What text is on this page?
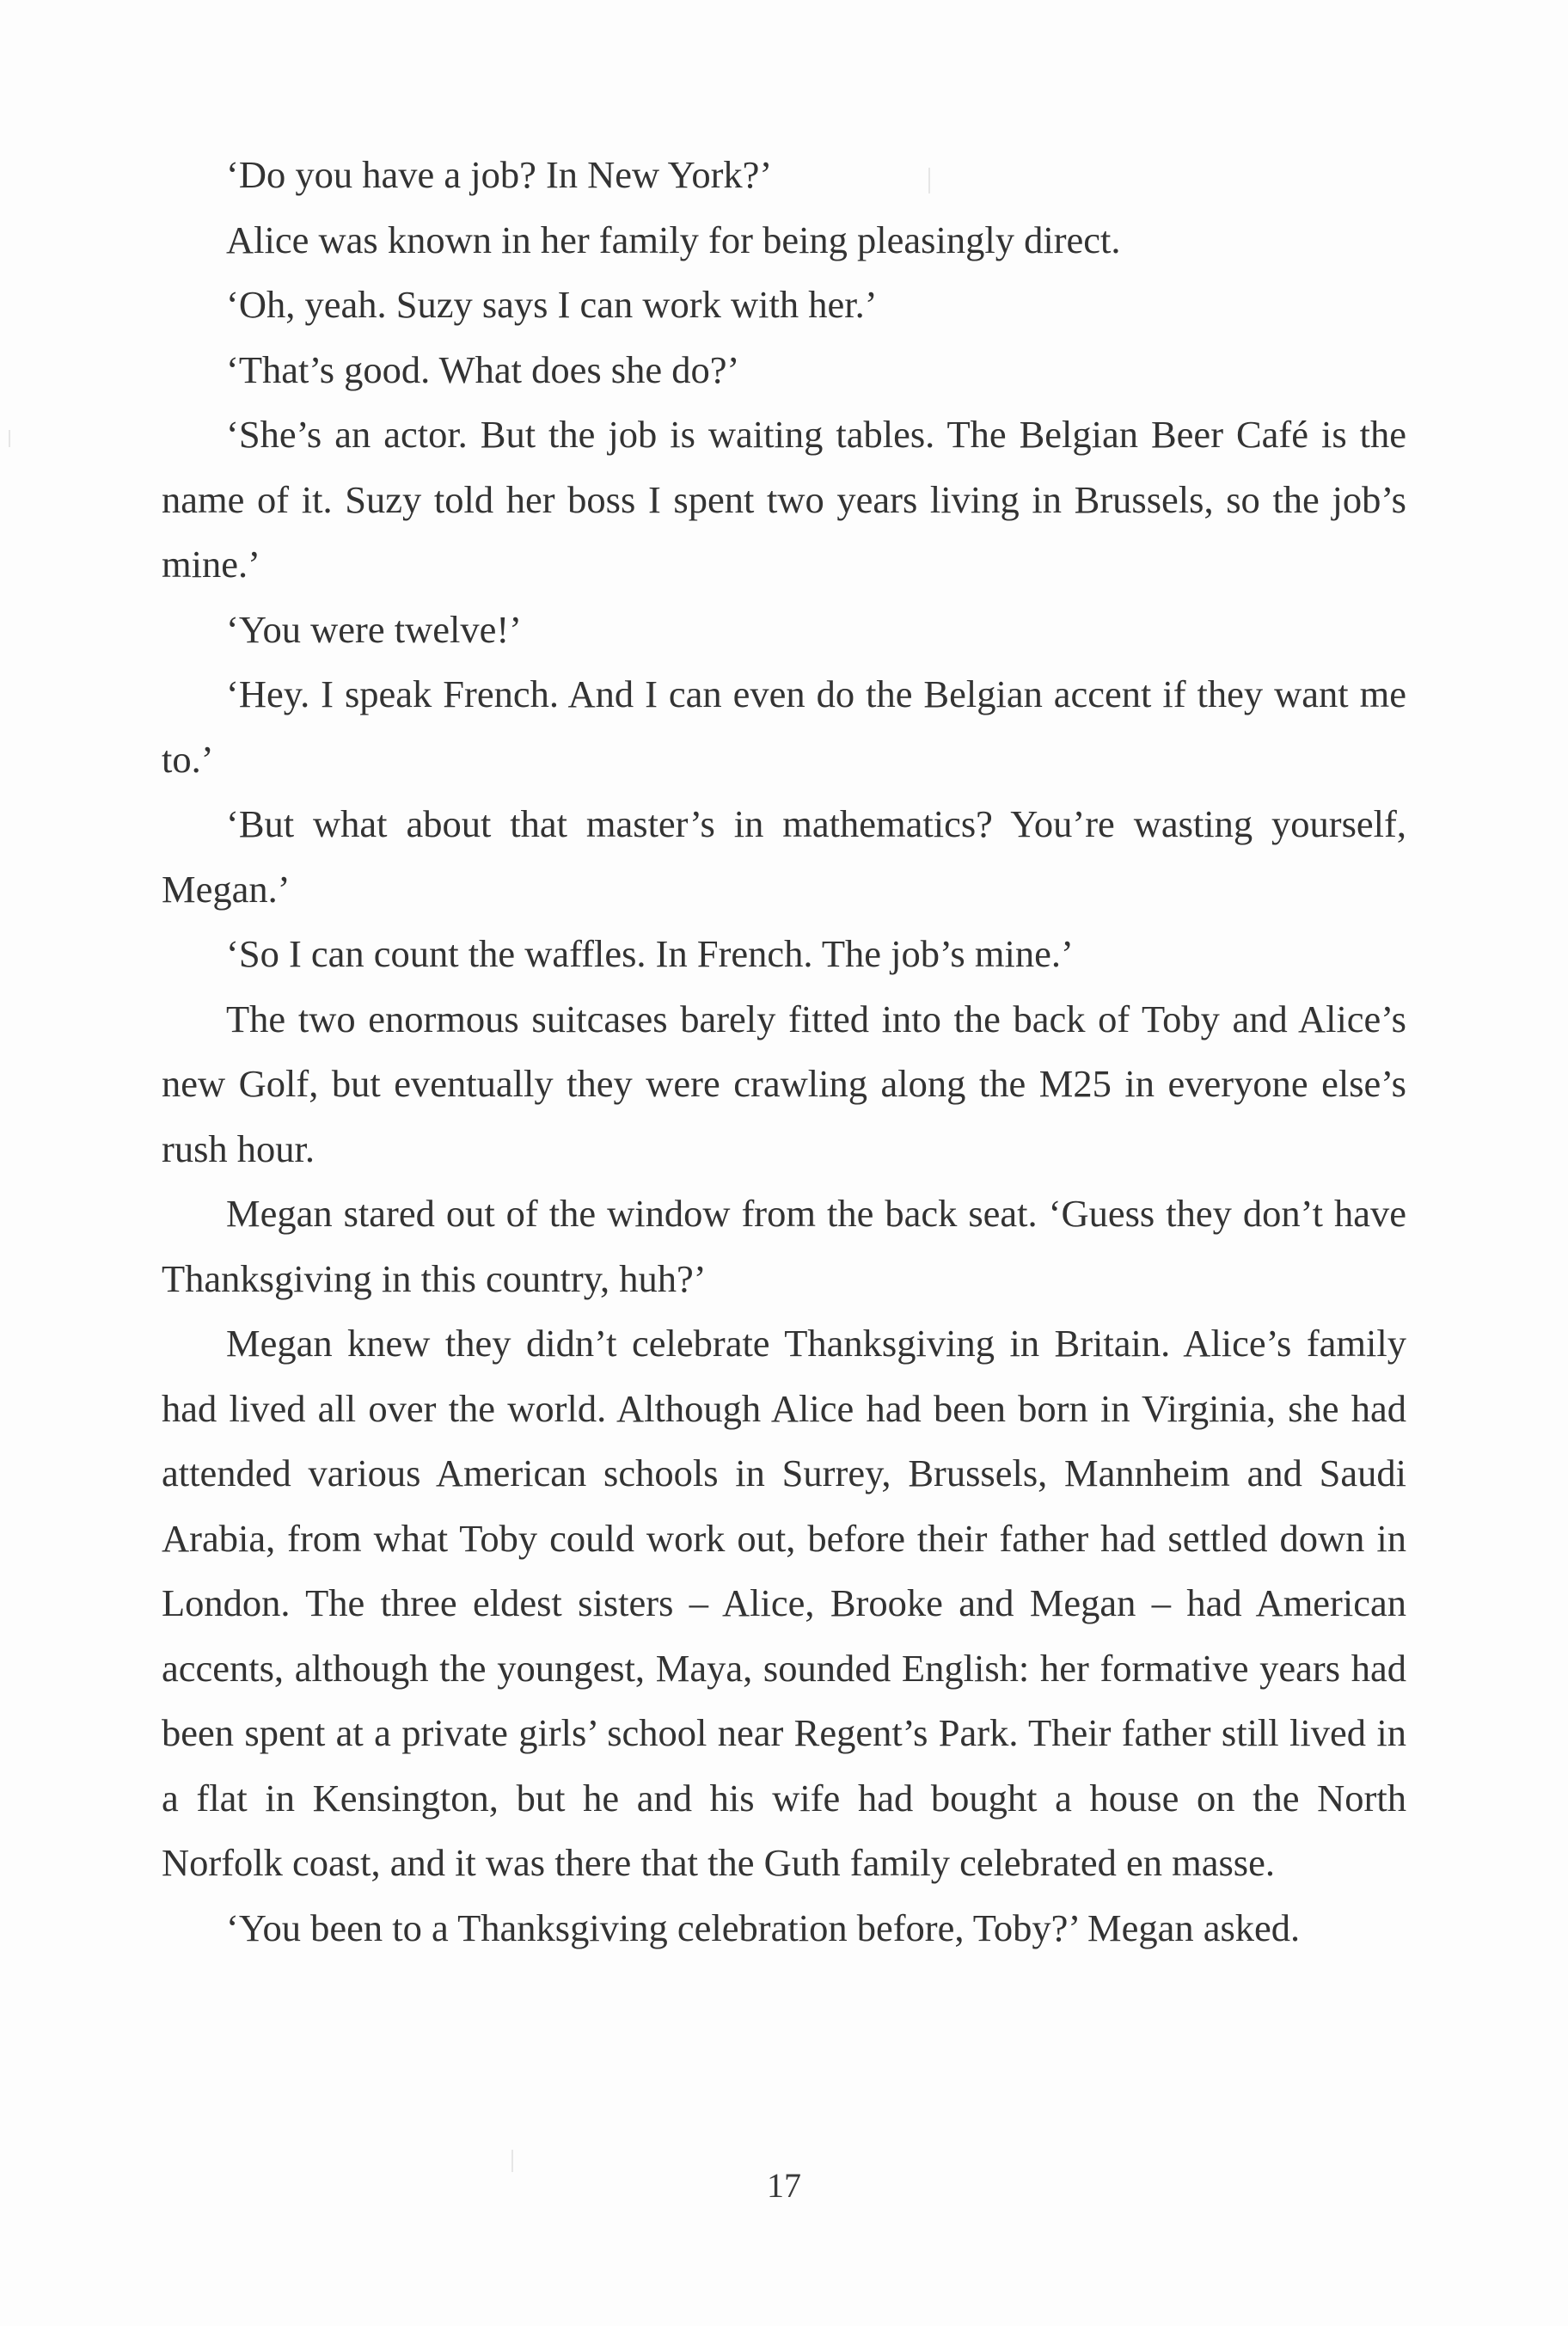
‘Do you have a job? In New York?’

Alice was known in her family for being pleasingly direct.

‘Oh, yeah. Suzy says I can work with her.’

‘That’s good. What does she do?’

‘She’s an actor. But the job is waiting tables. The Belgian Beer Café is the name of it. Suzy told her boss I spent two years living in Brussels, so the job’s mine.’

‘You were twelve!’

‘Hey. I speak French. And I can even do the Belgian accent if they want me to.’

‘But what about that master’s in mathematics? You’re wasting yourself, Megan.’

‘So I can count the waffles. In French. The job’s mine.’

The two enormous suitcases barely fitted into the back of Toby and Alice’s new Golf, but eventually they were crawling along the M25 in everyone else’s rush hour.

Megan stared out of the window from the back seat. ‘Guess they don’t have Thanksgiving in this country, huh?’

Megan knew they didn’t celebrate Thanksgiving in Britain. Alice’s family had lived all over the world. Although Alice had been born in Virginia, she had attended various American schools in Surrey, Brussels, Mannheim and Saudi Arabia, from what Toby could work out, before their father had settled down in London. The three eldest sisters – Alice, Brooke and Megan – had American accents, although the youngest, Maya, sounded English: her formative years had been spent at a private girls’ school near Regent’s Park. Their father still lived in a flat in Kensington, but he and his wife had bought a house on the North Norfolk coast, and it was there that the Guth family celebrated en masse.

‘You been to a Thanksgiving celebration before, Toby?’ Megan asked.

17
